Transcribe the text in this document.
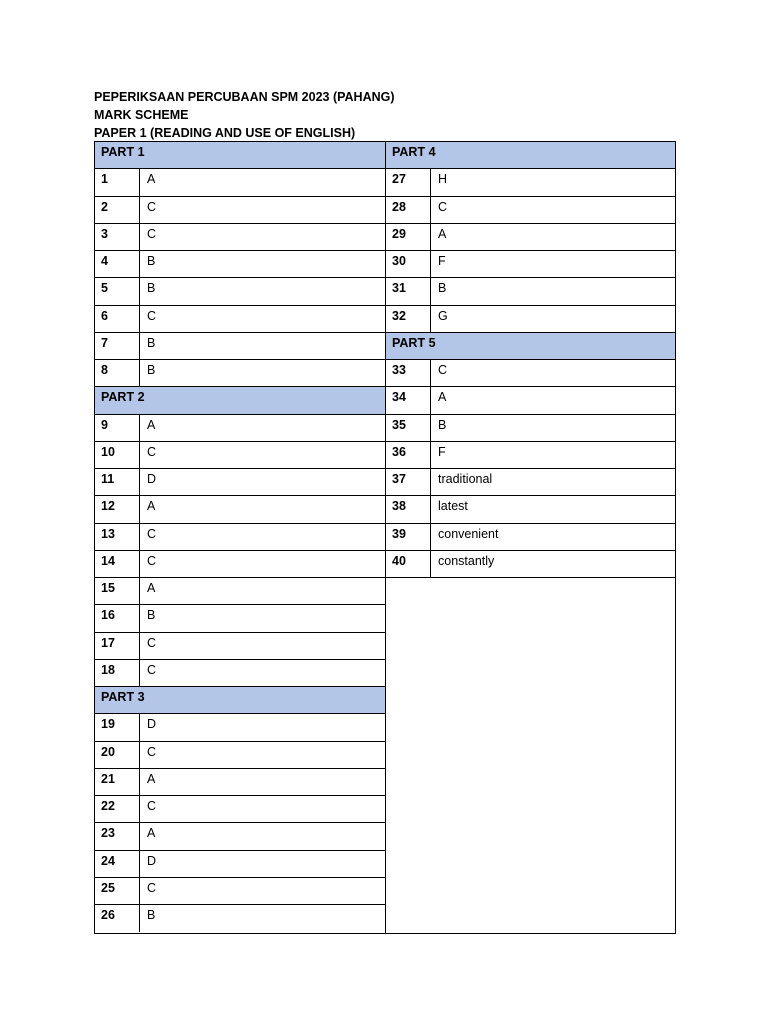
PEPERIKSAAN PERCUBAAN SPM 2023 (PAHANG)
MARK SCHEME
PAPER 1 (READING AND USE OF ENGLISH)
PART 1
1	A
2	C
3	C
4	B
5	B
6	C
7	B
8	B
PART 2
9	A
10	C
11	D
12	A
13	C
14	C
15	A
16	B
17	C
18	C
PART 3
19	D
20	C
21	A
22	C
23	A
24	D
25	C
26	B
PART 4
27	H
28	C
29	A
30	F
31	B
32	G
PART 5
33	C
34	A
35	B
36	F
37	traditional
38	latest
39	convenient
40	constantly
